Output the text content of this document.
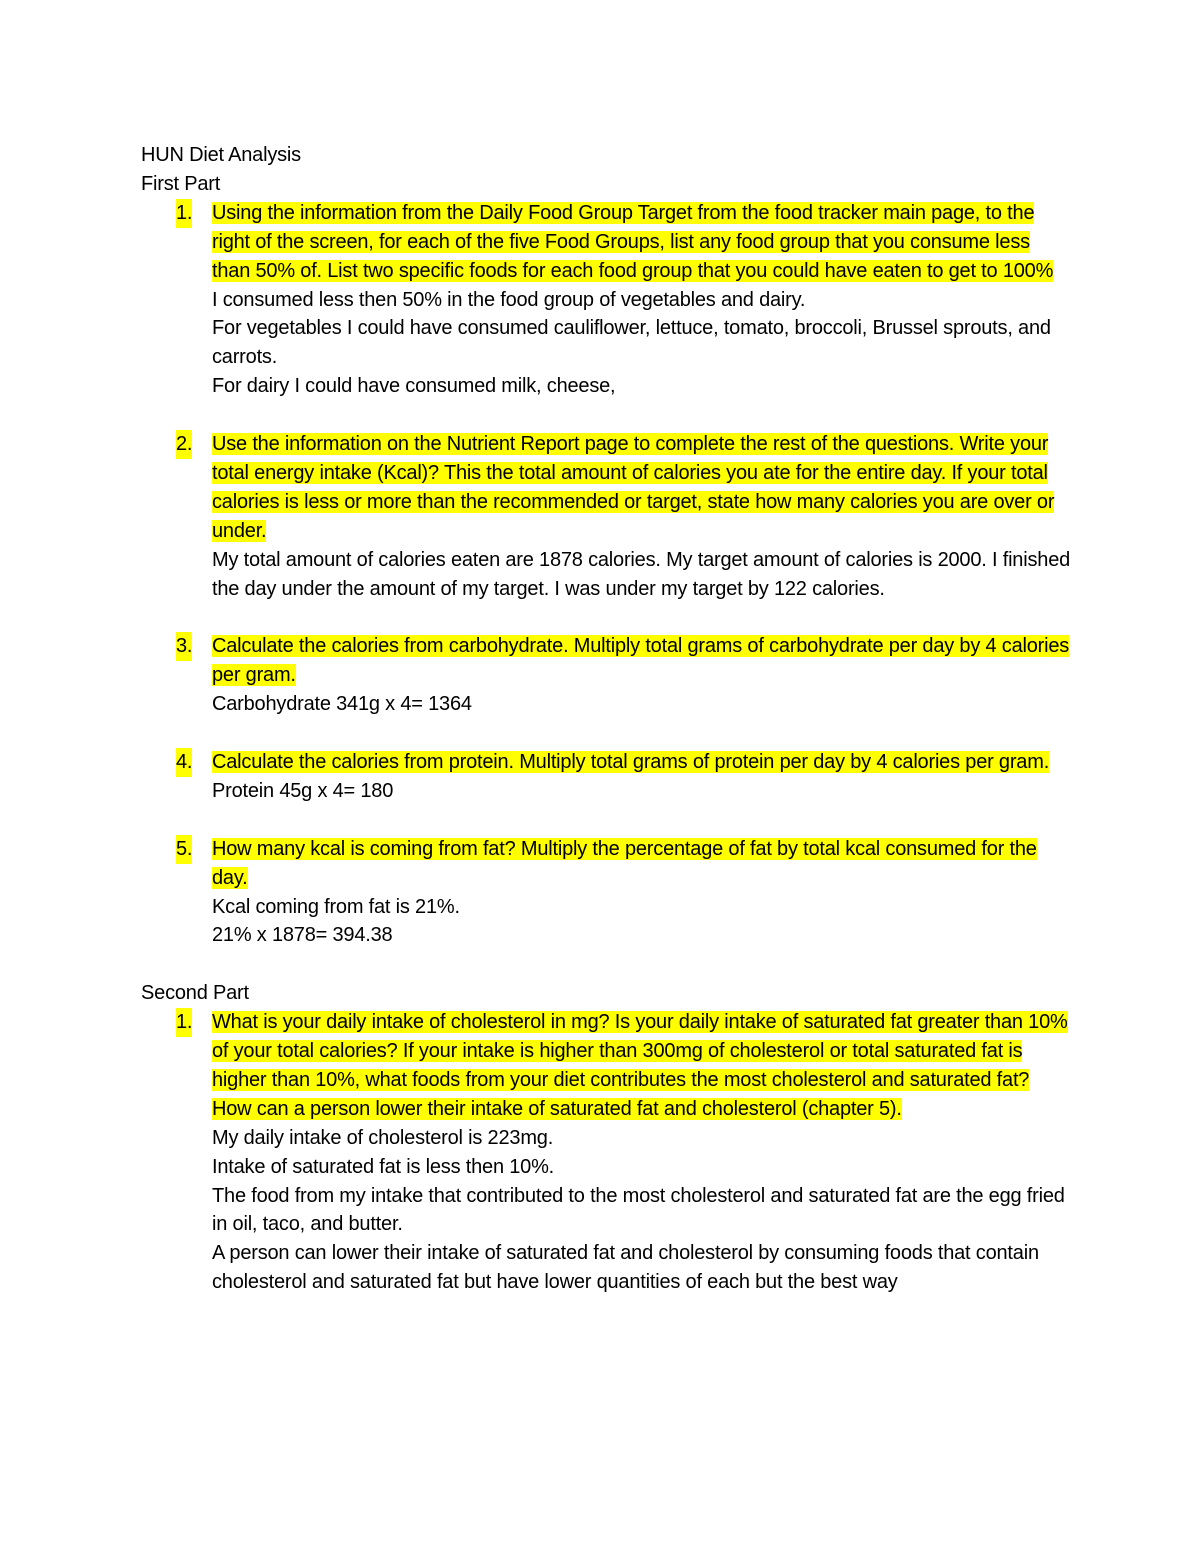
HUN Diet Analysis
First Part
1. Using the information from the Daily Food Group Target from the food tracker main page, to the right of the screen, for each of the five Food Groups, list any food group that you consume less than 50% of. List two specific foods for each food group that you could have eaten to get to 100%

I consumed less then 50% in the food group of vegetables and dairy.

For vegetables I could have consumed cauliflower, lettuce, tomato, broccoli, Brussel sprouts, and carrots.

For dairy I could have consumed milk, cheese,

2. Use the information on the Nutrient Report page to complete the rest of the questions. Write your total energy intake (Kcal)? This the total amount of calories you ate for the entire day. If your total calories is less or more than the recommended or target, state how many calories you are over or under.

My total amount of calories eaten are 1878 calories. My target amount of calories is 2000. I finished the day under the amount of my target. I was under my target by 122 calories.

3. Calculate the calories from carbohydrate. Multiply total grams of carbohydrate per day by 4 calories per gram.

Carbohydrate 341g x 4= 1364

4. Calculate the calories from protein. Multiply total grams of protein per day by 4 calories per gram.

Protein 45g x 4= 180

5. How many kcal is coming from fat? Multiply the percentage of fat by total kcal consumed for the day.

Kcal coming from fat is 21%.

21% x 1878= 394.38

Second Part
1. What is your daily intake of cholesterol in mg? Is your daily intake of saturated fat greater than 10% of your total calories? If your intake is higher than 300mg of cholesterol or total saturated fat is higher than 10%, what foods from your diet contributes the most cholesterol and saturated fat? How can a person lower their intake of saturated fat and cholesterol (chapter 5).

My daily intake of cholesterol is 223mg.

Intake of saturated fat is less then 10%.

The food from my intake that contributed to the most cholesterol and saturated fat are the egg fried in oil, taco, and butter.

A person can lower their intake of saturated fat and cholesterol by consuming foods that contain cholesterol and saturated fat but have lower quantities of each but the best way
